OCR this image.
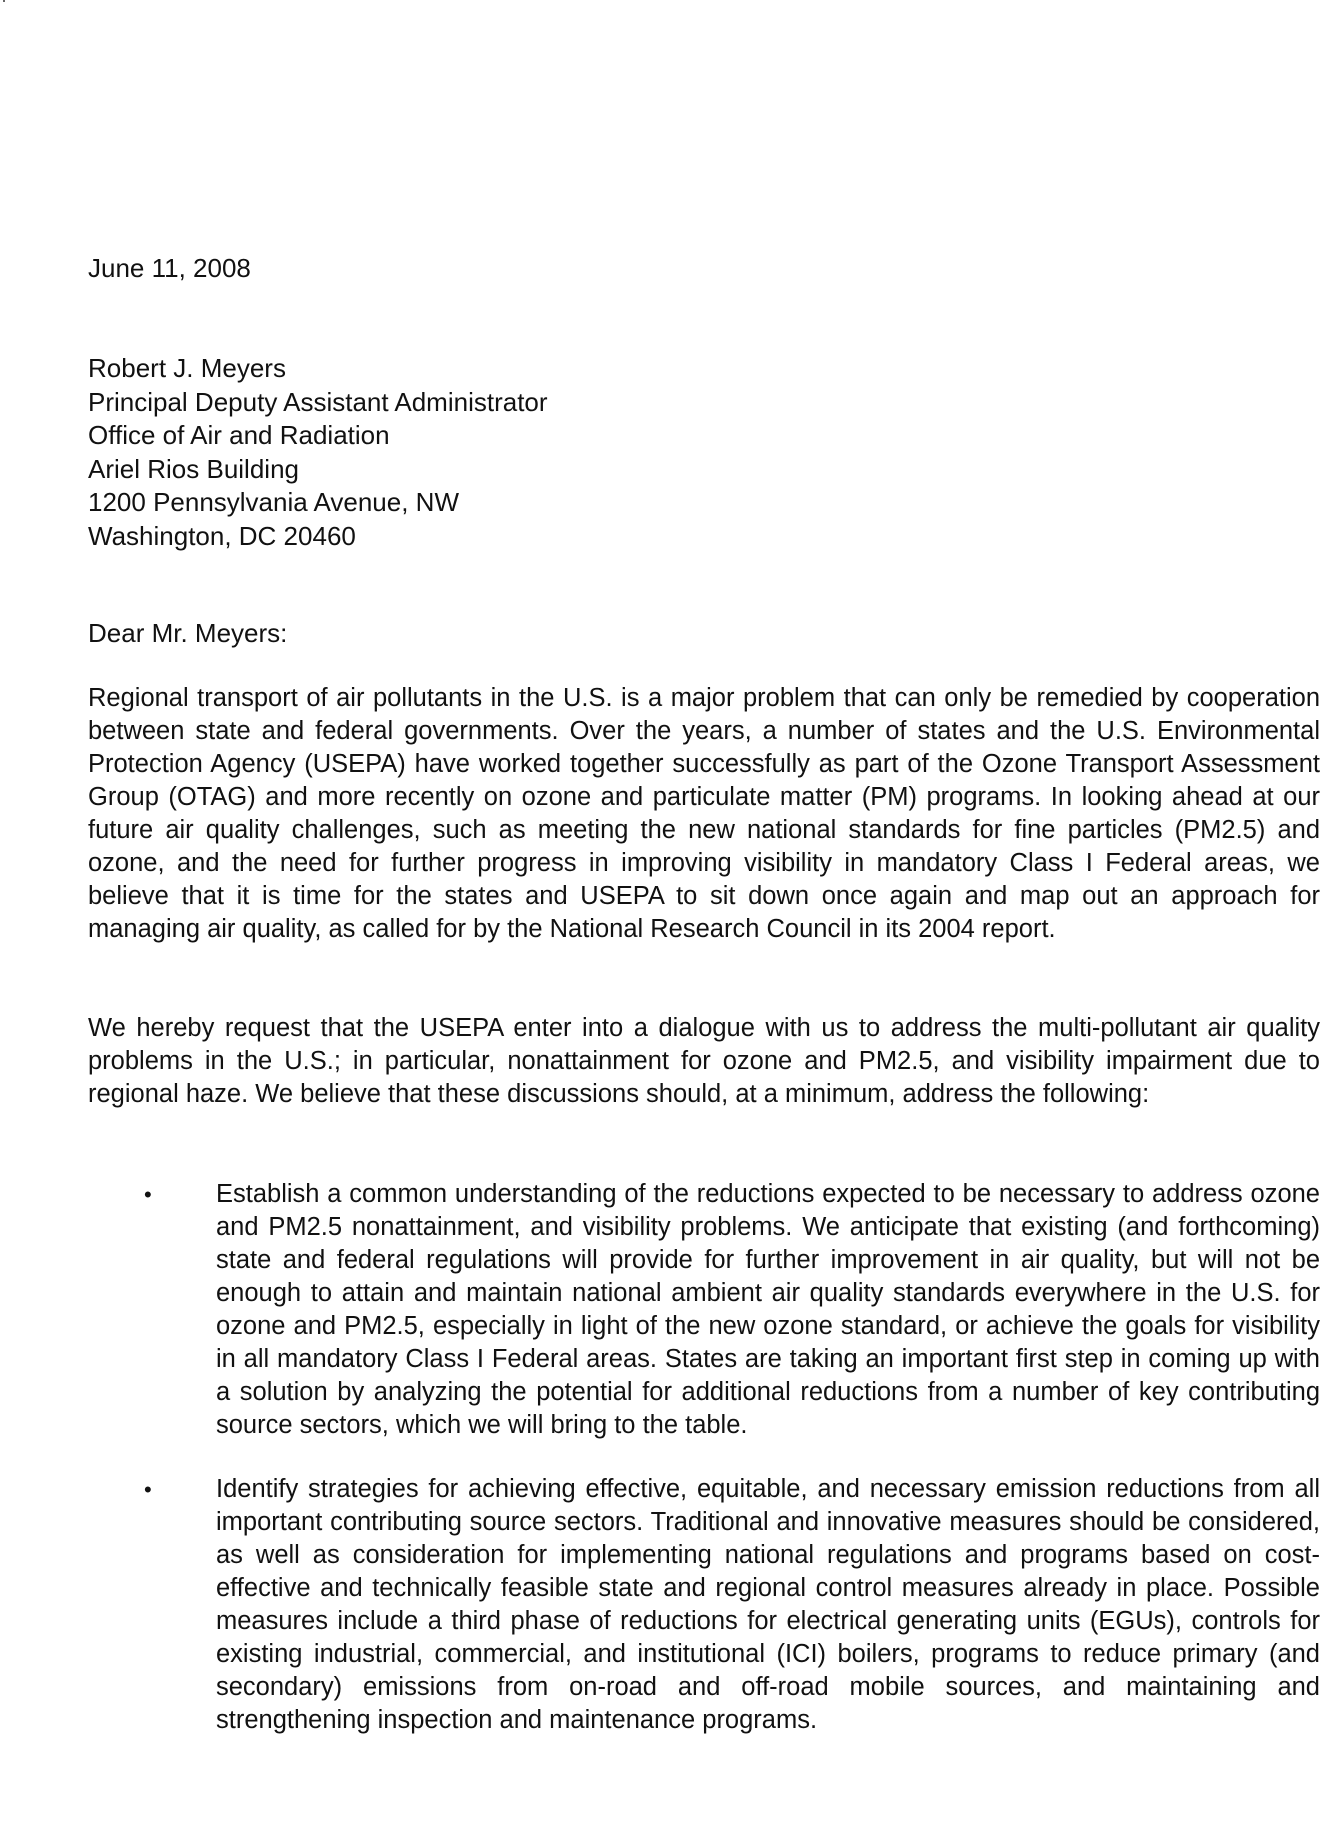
June 11, 2008
Robert J. Meyers
Principal Deputy Assistant Administrator
Office of Air and Radiation
Ariel Rios Building
1200 Pennsylvania Avenue, NW
Washington, DC 20460
Dear Mr. Meyers:
Regional transport of air pollutants in the U.S. is a major problem that can only be remedied by cooperation between state and federal governments. Over the years, a number of states and the U.S. Environmental Protection Agency (USEPA) have worked together successfully as part of the Ozone Transport Assessment Group (OTAG) and more recently on ozone and particulate matter (PM) programs. In looking ahead at our future air quality challenges, such as meeting the new national standards for fine particles (PM2.5) and ozone, and the need for further progress in improving visibility in mandatory Class I Federal areas, we believe that it is time for the states and USEPA to sit down once again and map out an approach for managing air quality, as called for by the National Research Council in its 2004 report.
We hereby request that the USEPA enter into a dialogue with us to address the multi-pollutant air quality problems in the U.S.; in particular, nonattainment for ozone and PM2.5, and visibility impairment due to regional haze. We believe that these discussions should, at a minimum, address the following:
•	Establish a common understanding of the reductions expected to be necessary to address ozone and PM2.5 nonattainment, and visibility problems. We anticipate that existing (and forthcoming) state and federal regulations will provide for further improvement in air quality, but will not be enough to attain and maintain national ambient air quality standards everywhere in the U.S. for ozone and PM2.5, especially in light of the new ozone standard, or achieve the goals for visibility in all mandatory Class I Federal areas. States are taking an important first step in coming up with a solution by analyzing the potential for additional reductions from a number of key contributing source sectors, which we will bring to the table.
•	Identify strategies for achieving effective, equitable, and necessary emission reductions from all important contributing source sectors. Traditional and innovative measures should be considered, as well as consideration for implementing national regulations and programs based on cost-effective and technically feasible state and regional control measures already in place. Possible measures include a third phase of reductions for electrical generating units (EGUs), controls for existing industrial, commercial, and institutional (ICI) boilers, programs to reduce primary (and secondary) emissions from on-road and off-road mobile sources, and maintaining and strengthening inspection and maintenance programs.
